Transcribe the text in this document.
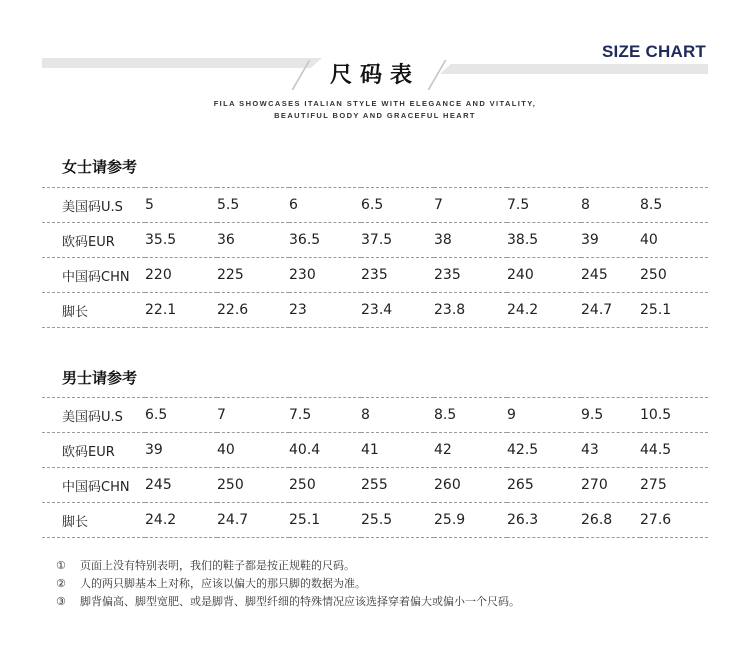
SIZE CHART
尺码表
FILA SHOWCASES ITALIAN STYLE WITH ELEGANCE AND VITALITY,
BEAUTIFUL BODY AND GRACEFUL HEART
女士请参考
美国码U.S	5	5.5	6	6.5	7	7.5	8	8.5
欧码EUR	35.5	36	36.5	37.5	38	38.5	39	40
中国码CHN	220	225	230	235	235	240	245	250
脚长	22.1	22.6	23	23.4	23.8	24.2	24.7	25.1
男士请参考
美国码U.S	6.5	7	7.5	8	8.5	9	9.5	10.5
欧码EUR	39	40	40.4	41	42	42.5	43	44.5
中国码CHN	245	250	250	255	260	265	270	275
脚长	24.2	24.7	25.1	25.5	25.9	26.3	26.8	27.6
①	页面上没有特别表明，我们的鞋子都是按正规鞋的尺码。
②	人的两只脚基本上对称，应该以偏大的那只脚的数据为准。
③	脚背偏高、脚型宽肥、或是脚背、脚型纤细的特殊情况应该选择穿着偏大或偏小一个尺码。
